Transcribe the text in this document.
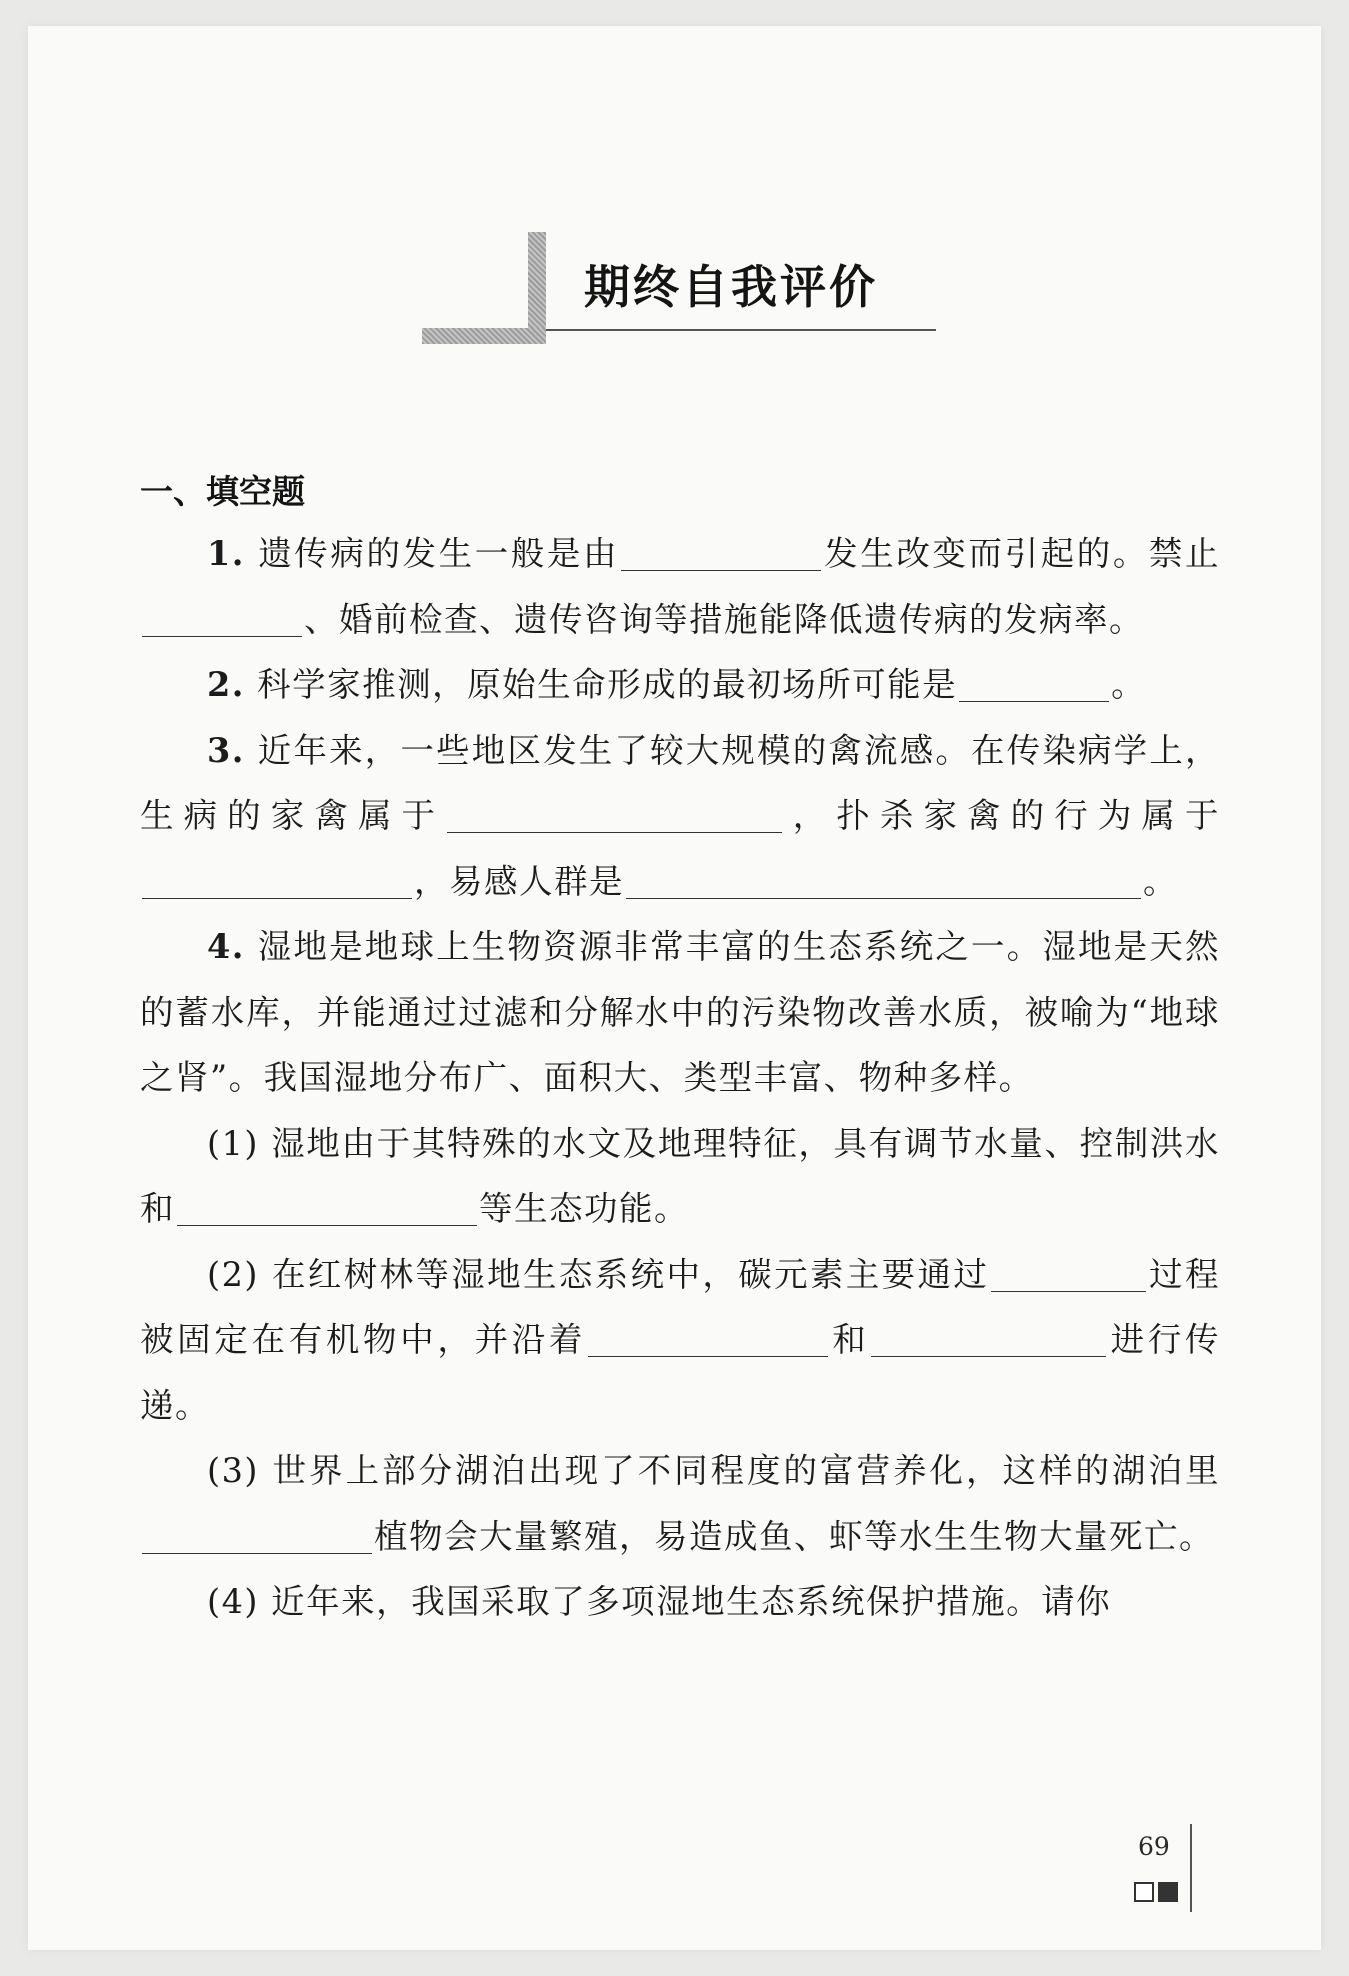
期终自我评价
一、填空题

1. 遗传病的发生一般是由	发生改变而引起的。禁止、婚前检查、遗传咨询等措施能降低遗传病的发病率。

2. 科学家推测，原始生命形成的最初场所可能是	。

3. 近年来，一些地区发生了较大规模的禽流感。在传染病学上，生病的家禽属于	，扑杀家禽的行为属于，易感人群是	。

4. 湿地是地球上生物资源非常丰富的生态系统之一。湿地是天然的蓄水库，并能通过过滤和分解水中的污染物改善水质，被喻为“地球之肾”。我国湿地分布广、面积大、类型丰富、物种多样。

(1) 湿地由于其特殊的水文及地理特征，具有调节水量、控制洪水和	等生态功能。

(2) 在红树林等湿地生态系统中，碳元素主要通过	过程被固定在有机物中，并沿着	和	进行传递。

(3) 世界上部分湖泊出现了不同程度的富营养化，这样的湖泊里植物会大量繁殖，易造成鱼、虾等水生生物大量死亡。

(4) 近年来，我国采取了多项湿地生态系统保护措施。请你

69
